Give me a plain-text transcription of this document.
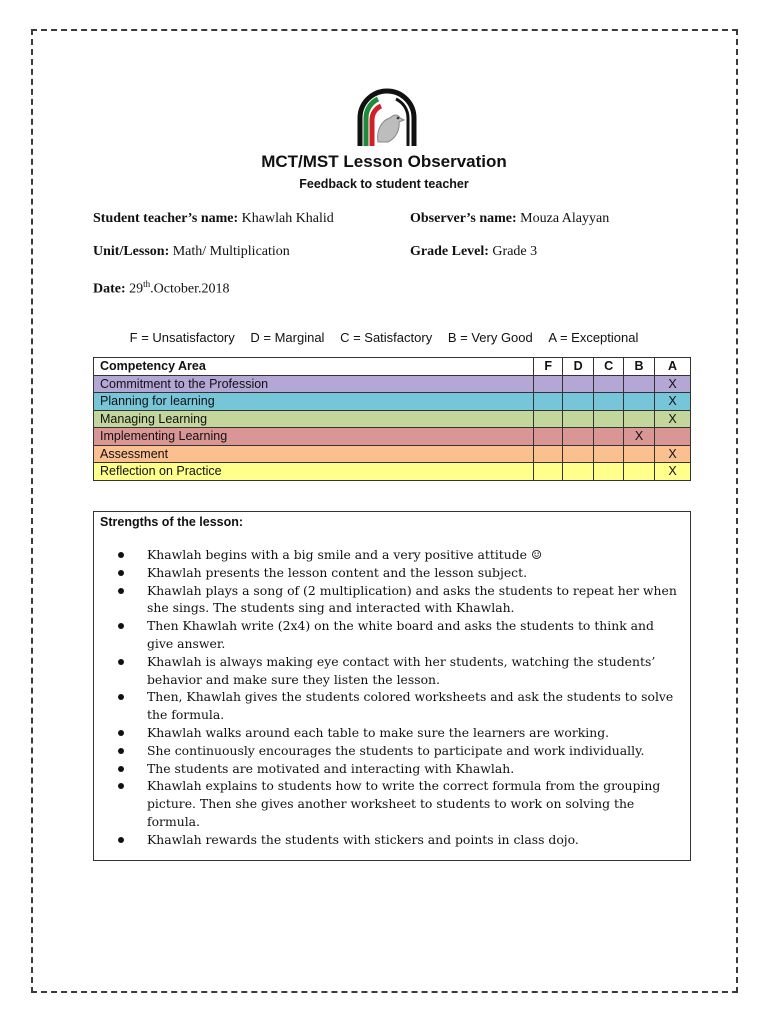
MCT/MST Lesson Observation
Feedback to student teacher
Student teacher’s name: Khawlah Khalid	Observer’s name: Mouza Alayyan
Unit/Lesson: Math/ Multiplication	Grade Level: Grade 3
Date: 29th.October.2018
F = Unsatisfactory D = Marginal C = Satisfactory B = Very Good A = Exceptional
Competency Area	F	D	C	B	A
Commitment to the Profession					X
Planning for learning					X
Managing Learning					X
Implementing Learning				X	
Assessment					X
Reflection on Practice					X
Strengths of the lesson:
Khawlah begins with a big smile and a very positive attitude ☺
Khawlah presents the lesson content and the lesson subject.
Khawlah plays a song of (2 multiplication) and asks the students to repeat her when she sings. The students sing and interacted with Khawlah.
Then Khawlah write (2x4) on the white board and asks the students to think and give answer.
Khawlah is always making eye contact with her students, watching the students’ behavior and make sure they listen the lesson.
Then, Khawlah gives the students colored worksheets and ask the students to solve the formula.
Khawlah walks around each table to make sure the learners are working.
She continuously encourages the students to participate and work individually.
The students are motivated and interacting with Khawlah.
Khawlah explains to students how to write the correct formula from the grouping picture. Then she gives another worksheet to students to work on solving the formula.
Khawlah rewards the students with stickers and points in class dojo.
